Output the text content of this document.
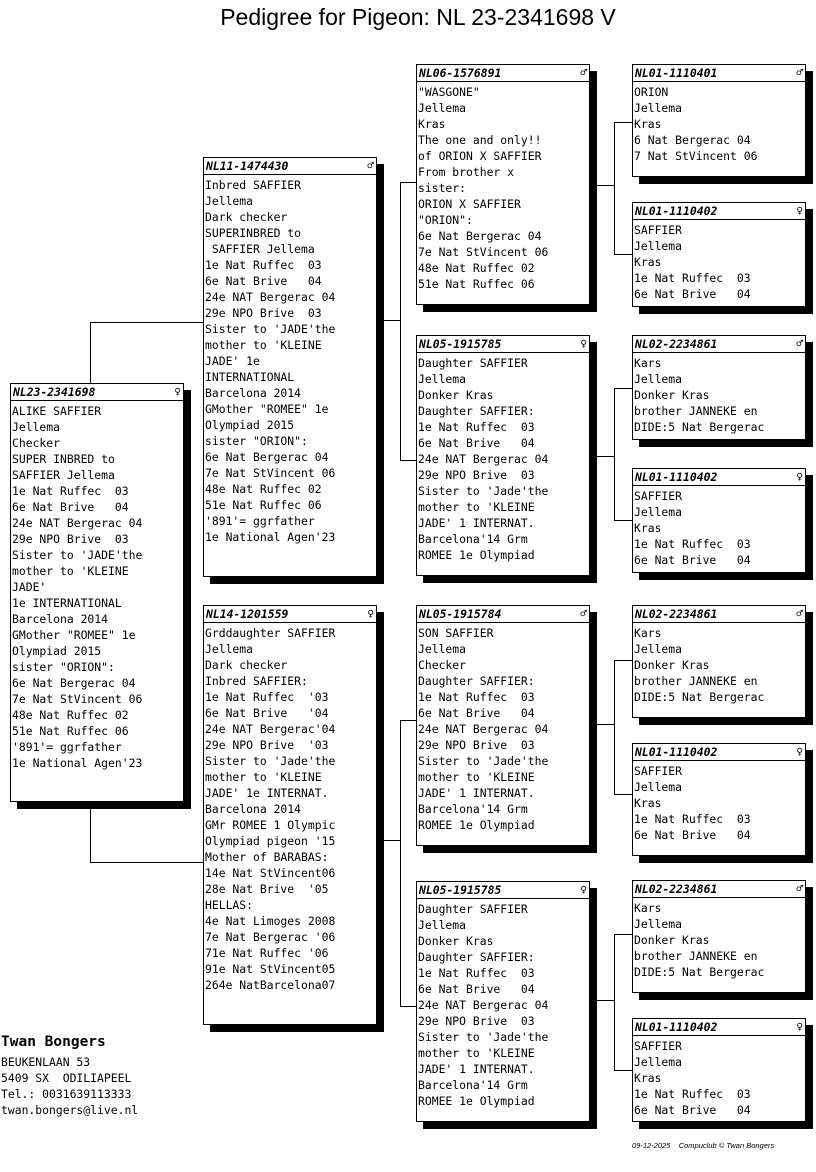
Pedigree for Pigeon: NL 23-2341698 V
NL 23-2341698	♀
ALIKE SAFFIER
Jellema
Checker
SUPER INBRED to
SAFFIER Jellema
1e Nat Ruffec  03
6e Nat Brive   04
24e NAT Bergerac 04
29e NPO Brive  03
Sister to 'JADE'the
mother to 'KLEINE
JADE'
1e INTERNATIONAL
Barcelona 2014
GMother "ROMEE" 1e
Olympiad 2015
sister "ORION":
6e Nat Bergerac 04
7e Nat StVincent 06
48e Nat Ruffec 02
51e Nat Ruffec 06
'891'= ggrfather
1e National Agen'23
NL 11-1474430	♂
Inbred SAFFIER
Jellema
Dark checker
SUPERINBRED to
SAFFIER Jellema
1e Nat Ruffec  03
6e Nat Brive   04
24e NAT Bergerac 04
29e NPO Brive  03
Sister to 'JADE'the
mother to 'KLEINE
JADE' 1e
INTERNATIONAL
Barcelona 2014
GMother "ROMEE" 1e
Olympiad 2015
sister "ORION":
6e Nat Bergerac 04
7e Nat StVincent 06
48e Nat Ruffec 02
51e Nat Ruffec 06
'891'= ggrfather
1e National Agen'23
NL 14-1201559	♀
Grddaughter SAFFIER
Jellema
Dark checker
Inbred SAFFIER:
1e Nat Ruffec  '03
6e Nat Brive   '04
24e NAT Bergerac'04
29e NPO Brive  '03
Sister to 'Jade'the
mother to 'KLEINE
JADE' 1e INTERNAT.
Barcelona 2014
GMr ROMEE 1 Olympic
Olympiad pigeon '15
Mother of BARABAS:
14e Nat StVincent06
28e Nat Brive  '05
HELLAS:
4e Nat Limoges 2008
7e Nat Bergerac '06
71e Nat Ruffec '06
91e Nat StVincent05
264e NatBarcelona07
NL 06-1576891	♂
"WASGONE"
Jellema
Kras
The one and only!!
of ORION X SAFFIER
From brother x
sister:
ORION X SAFFIER
"ORION":
6e Nat Bergerac 04
7e Nat StVincent 06
48e Nat Ruffec 02
51e Nat Ruffec 06
NL 05-1915785	♀
Daughter SAFFIER
Jellema
Donker Kras
Daughter SAFFIER:
1e Nat Ruffec  03
6e Nat Brive   04
24e NAT Bergerac 04
29e NPO Brive  03
Sister to 'Jade'the
mother to 'KLEINE
JADE' 1 INTERNAT.
Barcelona'14 Grm
ROMEE 1e Olympiad
NL 05-1915784	♂
SON SAFFIER
Jellema
Checker
Daughter SAFFIER:
1e Nat Ruffec  03
6e Nat Brive   04
24e NAT Bergerac 04
29e NPO Brive  03
Sister to 'Jade'the
mother to 'KLEINE
JADE' 1 INTERNAT.
Barcelona'14 Grm
ROMEE 1e Olympiad
NL 05-1915785	♀
Daughter SAFFIER
Jellema
Donker Kras
Daughter SAFFIER:
1e Nat Ruffec  03
6e Nat Brive   04
24e NAT Bergerac 04
29e NPO Brive  03
Sister to 'Jade'the
mother to 'KLEINE
JADE' 1 INTERNAT.
Barcelona'14 Grm
ROMEE 1e Olympiad
NL 01-1110401	♂
ORION
Jellema
Kras
6 Nat Bergerac 04
7 Nat StVincent 06
NL 01-1110402	♀
SAFFIER
Jellema
Kras
1e Nat Ruffec  03
6e Nat Brive   04
NL 02-2234861	♂
Kars
Jellema
Donker Kras
brother JANNEKE en
DIDE:5 Nat Bergerac
NL 01-1110402	♀
SAFFIER
Jellema
Kras
1e Nat Ruffec  03
6e Nat Brive   04
NL 02-2234861	♂
Kars
Jellema
Donker Kras
brother JANNEKE en
DIDE:5 Nat Bergerac
NL 01-1110402	♀
SAFFIER
Jellema
Kras
1e Nat Ruffec  03
6e Nat Brive   04
NL 02-2234861	♂
Kars
Jellema
Donker Kras
brother JANNEKE en
DIDE:5 Nat Bergerac
NL 01-1110402	♀
SAFFIER
Jellema
Kras
1e Nat Ruffec  03
6e Nat Brive   04
Twan Bongers
BEUKENLAAN 53
5409 SX  ODILIAPEEL
Tel.: 0031639113333
twan.bongers@live.nl
09-12-2025    Compuclub © Twan Bongers
